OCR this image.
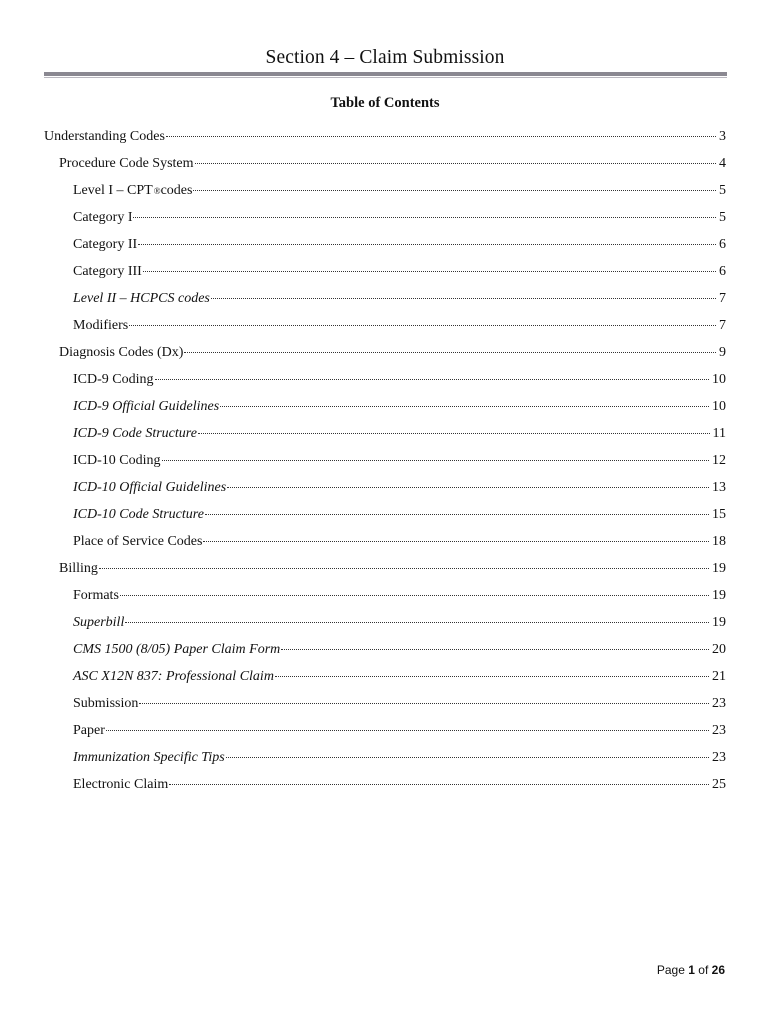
Section 4 – Claim Submission
Table of Contents
Understanding Codes	3
Procedure Code System	4
Level I – CPT ® codes	5
Category I	5
Category II	6
Category III	6
Level II – HCPCS codes	7
Modifiers	7
Diagnosis Codes (Dx)	9
ICD-9 Coding	10
ICD-9 Official Guidelines	10
ICD-9 Code Structure	11
ICD-10 Coding	12
ICD-10 Official Guidelines	13
ICD-10 Code Structure	15
Place of Service Codes	18
Billing	19
Formats	19
Superbill	19
CMS 1500 (8/05) Paper Claim Form	20
ASC X12N 837: Professional Claim	21
Submission	23
Paper	23
Immunization Specific Tips	23
Electronic Claim	25
Page 1 of 26
